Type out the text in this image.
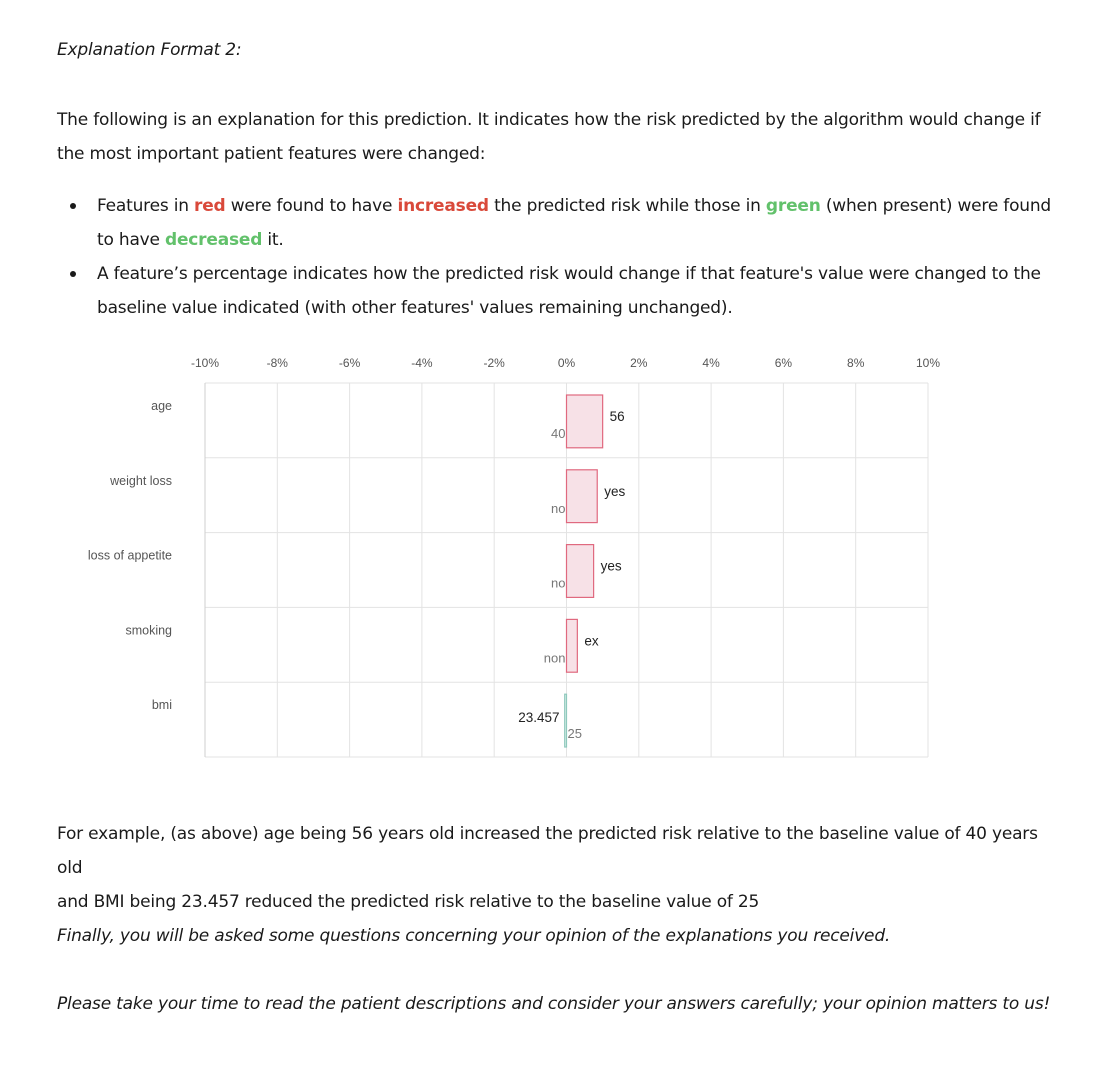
Explanation Format 2:
The following is an explanation for this prediction. It indicates how the risk predicted by the algorithm would change if
the most important patient features were changed:
Features in red were found to have increased the predicted risk while those in green (when present) were found to have decreased it.
A feature’s percentage indicates how the predicted risk would change if that feature's value were changed to the baseline value indicated (with other features' values remaining unchanged).
-10%	-8%	-6%	-4%	-2%	0%	2%	4%	6%	8%	10%
age
40
56
weight loss
no
yes
loss of appetite
no
yes
smoking
non
ex
bmi
23.457
25
For example, (as above) age being 56 years old increased the predicted risk relative to the baseline value of 40 years old
and BMI being 23.457 reduced the predicted risk relative to the baseline value of 25
Finally, you will be asked some questions concerning your opinion of the explanations you received.
Please take your time to read the patient descriptions and consider your answers carefully; your opinion matters to us!
